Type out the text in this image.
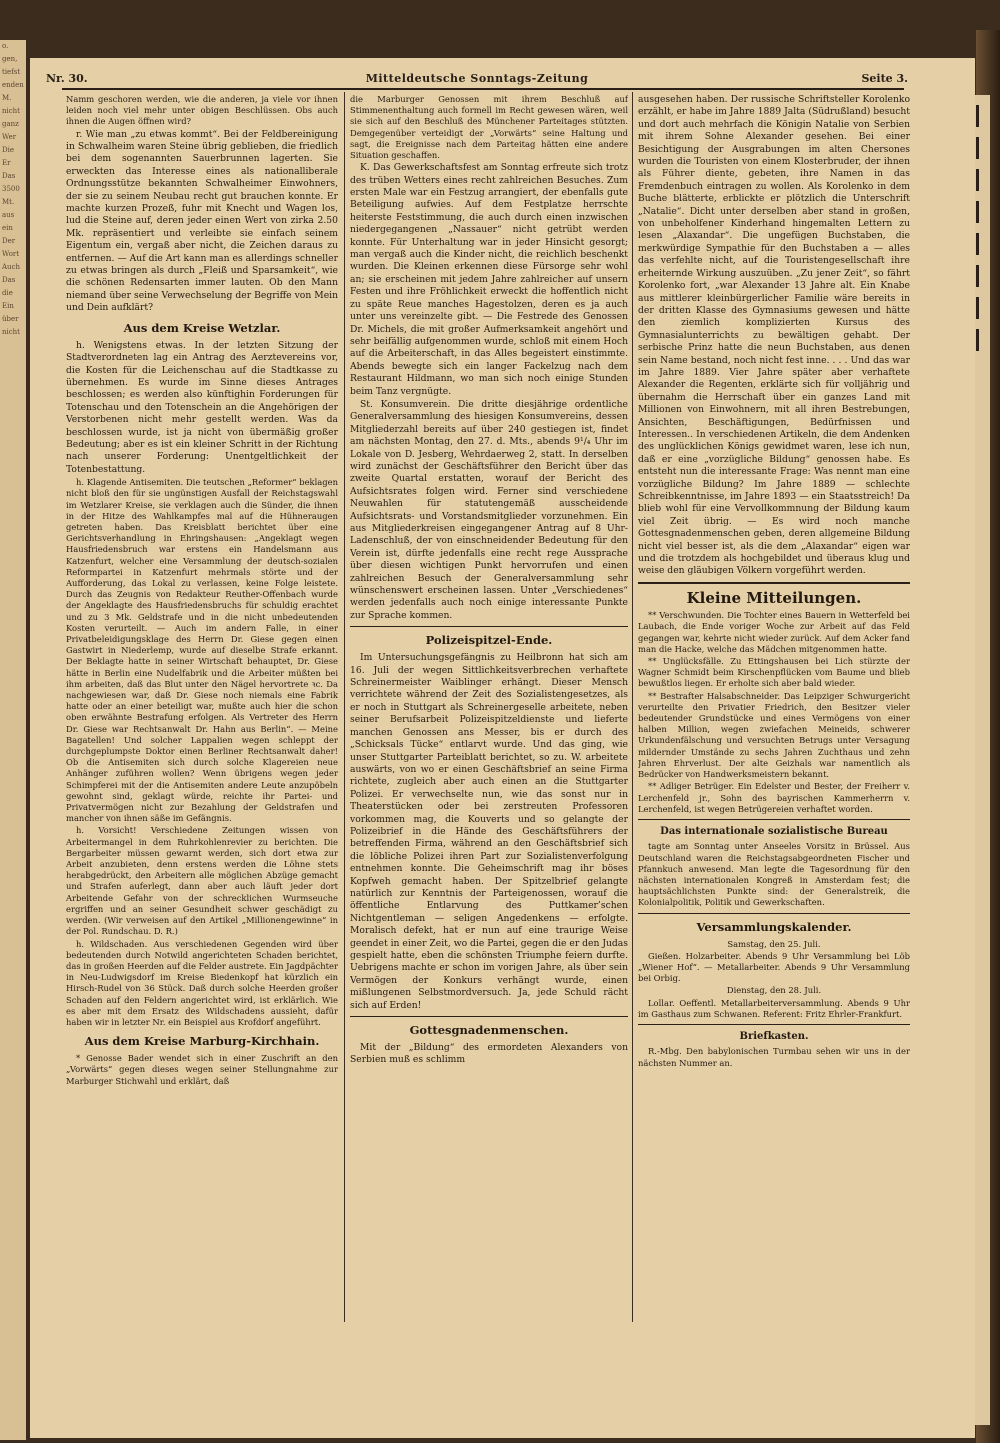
o.
gen,
tiefst
enden
M.
nicht
ganz
Wer
Die
Er
Das
3500
Mt.
aus
ein
Der
Wort
Auch
Das
die
Ein
über
nicht
Nr. 30.	Mitteldeutsche Sonntags-Zeitung	Seite 3.

Namm geschoren werden, wie die anderen, ja viele vor ihnen leiden noch viel mehr unter obigen Beschlüssen. Obs auch ihnen die Augen öffnen wird?

r. Wie man „zu etwas kommt“. Bei der Feldbereinigung in Schwalheim waren Steine übrig geblieben, die friedlich bei dem sogenannten Sauerbrunnen lagerten. Sie erweckten das Interesse eines als nationalliberale Ordnungsstütze bekannten Schwalheimer Einwohners, der sie zu seinem Neubau recht gut brauchen konnte. Er machte kurzen Prozeß, fuhr mit Knecht und Wagen los, lud die Steine auf, deren jeder einen Wert von zirka 2.50 Mk. repräsentiert und verleibte sie einfach seinem Eigentum ein, vergaß aber nicht, die Zeichen daraus zu entfernen. — Auf die Art kann man es allerdings schneller zu etwas bringen als durch „Fleiß und Sparsamkeit“, wie die schönen Redensarten immer lauten. Ob den Mann niemand über seine Verwechselung der Begriffe von Mein und Dein aufklärt?

Aus dem Kreise Wetzlar.

h. Wenigstens etwas. In der letzten Sitzung der Stadtverordneten lag ein Antrag des Aerztevereins vor, die Kosten für die Leichenschau auf die Stadtkasse zu übernehmen. Es wurde im Sinne dieses Antrages beschlossen; es werden also künftighin Forderungen für Totenschau und den Totenschein an die Angehörigen der Verstorbenen nicht mehr gestellt werden. Was da beschlossen wurde, ist ja nicht von übermäßig großer Bedeutung; aber es ist ein kleiner Schritt in der Richtung nach unserer Forderung: Unentgeltlichkeit der Totenbestattung.

h. Klagende Antisemiten. Die teutschen „Reformer“ beklagen nicht bloß den für sie ungünstigen Ausfall der Reichstagswahl im Wetzlarer Kreise, sie verklagen auch die Sünder, die ihnen in der Hitze des Wahlkampfes mal auf die Hühneraugen getreten haben. Das Kreisblatt berichtet über eine Gerichtsverhandlung in Ehringshausen: „Angeklagt wegen Hausfriedensbruch war erstens ein Handelsmann aus Katzenfurt, welcher eine Versammlung der deutsch-sozialen Reformpartei in Katzenfurt mehrmals störte und der Aufforderung, das Lokal zu verlassen, keine Folge leistete. Durch das Zeugnis von Redakteur Reuther-Offenbach wurde der Angeklagte des Hausfriedensbruchs für schuldig erachtet und zu 3 Mk. Geldstrafe und in die nicht unbedeutenden Kosten verurteilt. — Auch im andern Falle, in einer Privatbeleidigungsklage des Herrn Dr. Giese gegen einen Gastwirt in Niederlemp, wurde auf dieselbe Strafe erkannt. Der Beklagte hatte in seiner Wirtschaft behauptet, Dr. Giese hätte in Berlin eine Nudelfabrik und die Arbeiter müßten bei ihm arbeiten, daß das Blut unter den Nägel hervortrete ꝛc. Da nachgewiesen war, daß Dr. Giese noch niemals eine Fabrik hatte oder an einer beteiligt war, mußte auch hier die schon oben erwähnte Bestrafung erfolgen. Als Vertreter des Herrn Dr. Giese war Rechtsanwalt Dr. Hahn aus Berlin“. — Meine Bagatellen! Und solcher Lappalien wegen schleppt der durchgeplumpste Doktor einen Berliner Rechtsanwalt daher! Ob die Antisemiten sich durch solche Klagereien neue Anhänger zuführen wollen? Wenn übrigens wegen jeder Schimpferei mit der die Antisemiten andere Leute anzupöbeln gewohnt sind, geklagt würde, reichte ihr Partei- und Privatvermögen nicht zur Bezahlung der Geldstrafen und mancher von ihnen säße im Gefängnis.

h. Vorsicht! Verschiedene Zeitungen wissen von Arbeitermangel in dem Ruhrkohlenrevier zu berichten. Die Bergarbeiter müssen gewarnt werden, sich dort etwa zur Arbeit anzubieten, denn erstens werden die Löhne stets herabgedrückt, den Arbeitern alle möglichen Abzüge gemacht und Strafen auferlegt, dann aber auch läuft jeder dort Arbeitende Gefahr von der schrecklichen Wurmseuche ergriffen und an seiner Gesundheit schwer geschädigt zu werden. (Wir verweisen auf den Artikel „Millionengewinne“ in der Pol. Rundschau. D. R.)

h. Wildschaden. Aus verschiedenen Gegenden wird über bedeutenden durch Notwild angerichteten Schaden berichtet, das in großen Heerden auf die Felder austrete. Ein Jagdpächter in Neu-Ludwigsdorf im Kreise Biedenkopf hat kürzlich ein Hirsch-Rudel von 36 Stück. Daß durch solche Heerden großer Schaden auf den Feldern angerichtet wird, ist erklärlich. Wie es aber mit dem Ersatz des Wildschadens aussieht, dafür haben wir in letzter Nr. ein Beispiel aus Krofdorf angeführt.

Aus dem Kreise Marburg-Kirchhain.

* Genosse Bader wendet sich in einer Zuschrift an den „Vorwärts“ gegen dieses wegen seiner Stellungnahme zur Marburger Stichwahl und erklärt, daß

die Marburger Genossen mit ihrem Beschluß auf Stimmenenthaltung auch formell im Recht gewesen wären, weil sie sich auf den Beschluß des Münchener Parteitages stützten. Demgegenüber verteidigt der „Vorwärts“ seine Haltung und sagt, die Ereignisse nach dem Parteitag hätten eine andere Situation geschaffen.

K. Das Gewerkschaftsfest am Sonntag erfreute sich trotz des trüben Wetters eines recht zahlreichen Besuches. Zum ersten Male war ein Festzug arrangiert, der ebenfalls gute Beteiligung aufwies. Auf dem Festplatze herrschte heiterste Feststimmung, die auch durch einen inzwischen niedergegangenen „Nassauer“ nicht getrübt werden konnte. Für Unterhaltung war in jeder Hinsicht gesorgt; man vergaß auch die Kinder nicht, die reichlich beschenkt wurden. Die Kleinen erkennen diese Fürsorge sehr wohl an; sie erscheinen mit jedem Jahre zahlreicher auf unsern Festen und ihre Fröhlichkeit erweckt die hoffentlich nicht zu späte Reue manches Hagestolzen, deren es ja auch unter uns vereinzelte gibt. — Die Festrede des Genossen Dr. Michels, die mit großer Aufmerksamkeit angehört und sehr beifällig aufgenommen wurde, schloß mit einem Hoch auf die Arbeiterschaft, in das Alles begeistert einstimmte. Abends bewegte sich ein langer Fackelzug nach dem Restaurant Hildmann, wo man sich noch einige Stunden beim Tanz vergnügte.

St. Konsumverein. Die dritte diesjährige ordentliche Generalversammlung des hiesigen Konsumvereins, dessen Mitgliederzahl bereits auf über 240 gestiegen ist, findet am nächsten Montag, den 27. d. Mts., abends 9¹/₄ Uhr im Lokale von D. Jesberg, Wehrdaerweg 2, statt. In derselben wird zunächst der Geschäftsführer den Bericht über das zweite Quartal erstatten, worauf der Bericht des Aufsichtsrates folgen wird. Ferner sind verschiedene Neuwahlen für statutengemäß ausscheidende Aufsichtsrats- und Vorstandsmitglieder vorzunehmen. Ein aus Mitgliederkreisen eingegangener Antrag auf 8 Uhr-Ladenschluß, der von einschneidender Bedeutung für den Verein ist, dürfte jedenfalls eine recht rege Aussprache über diesen wichtigen Punkt hervorrufen und einen zahlreichen Besuch der Generalversammlung sehr wünschenswert erscheinen lassen. Unter „Verschiedenes“ werden jedenfalls auch noch einige interessante Punkte zur Sprache kommen.

Polizeispitzel-Ende.

Im Untersuchungsgefängnis zu Heilbronn hat sich am 16. Juli der wegen Sittlichkeitsverbrechen verhaftete Schreinermeister Waiblinger erhängt. Dieser Mensch verrichtete während der Zeit des Sozialistengesetzes, als er noch in Stuttgart als Schreinergeselle arbeitete, neben seiner Berufsarbeit Polizeispitzeldienste und lieferte manchen Genossen ans Messer, bis er durch des „Schicksals Tücke“ entlarvt wurde. Und das ging, wie unser Stuttgarter Parteiblatt berichtet, so zu. W. arbeitete auswärts, von wo er einen Geschäftsbrief an seine Firma richtete, zugleich aber auch einen an die Stuttgarter Polizei. Er verwechselte nun, wie das sonst nur in Theaterstücken oder bei zerstreuten Professoren vorkommen mag, die Kouverts und so gelangte der Polizeibrief in die Hände des Geschäftsführers der betreffenden Firma, während an den Geschäftsbrief sich die löbliche Polizei ihren Part zur Sozialistenverfolgung entnehmen konnte. Die Geheimschrift mag ihr böses Kopfweh gemacht haben. Der Spitzelbrief gelangte natürlich zur Kenntnis der Parteigenossen, worauf die öffentliche Entlarvung des Puttkamer’schen Nichtgentleman — seligen Angedenkens — erfolgte. Moralisch defekt, hat er nun auf eine traurige Weise geendet in einer Zeit, wo die Partei, gegen die er den Judas gespielt hatte, eben die schönsten Triumphe feiern durfte. Uebrigens machte er schon im vorigen Jahre, als über sein Vermögen der Konkurs verhängt wurde, einen mißlungenen Selbstmordversuch. Ja, jede Schuld rächt sich auf Erden!

Gottesgnadenmenschen.

Mit der „Bildung“ des ermordeten Alexanders von Serbien muß es schlimm

ausgesehen haben. Der russische Schriftsteller Korolenko erzählt, er habe im Jahre 1889 Jalta (Südrußland) besucht und dort auch mehrfach die Königin Natalie von Serbien mit ihrem Sohne Alexander gesehen. Bei einer Besichtigung der Ausgrabungen im alten Chersones wurden die Touristen von einem Klosterbruder, der ihnen als Führer diente, gebeten, ihre Namen in das Fremdenbuch eintragen zu wollen. Als Korolenko in dem Buche blätterte, erblickte er plötzlich die Unterschrift „Natalie“. Dicht unter derselben aber stand in großen, von unbeholfener Kinderhand hingemalten Lettern zu lesen „Alaxandar“. Die ungefügen Buchstaben, die merkwürdige Sympathie für den Buchstaben a — alles das verfehlte nicht, auf die Touristengesellschaft ihre erheiternde Wirkung auszuüben. „Zu jener Zeit“, so fährt Korolenko fort, „war Alexander 13 Jahre alt. Ein Knabe aus mittlerer kleinbürgerlicher Familie wäre bereits in der dritten Klasse des Gymnasiums gewesen und hätte den ziemlich komplizierten Kursus des Gymnasialunterrichts zu bewältigen gehabt. Der serbische Prinz hatte die neun Buchstaben, aus denen sein Name bestand, noch nicht fest inne. . . . Und das war im Jahre 1889. Vier Jahre später aber verhaftete Alexander die Regenten, erklärte sich für volljährig und übernahm die Herrschaft über ein ganzes Land mit Millionen von Einwohnern, mit all ihren Bestrebungen, Ansichten, Beschäftigungen, Bedürfnissen und Interessen.. In verschiedenen Artikeln, die dem Andenken des unglücklichen Königs gewidmet waren, lese ich nun, daß er eine „vorzügliche Bildung“ genossen habe. Es entsteht nun die interessante Frage: Was nennt man eine vorzügliche Bildung? Im Jahre 1889 — schlechte Schreibkenntnisse, im Jahre 1893 — ein Staatsstreich! Da blieb wohl für eine Vervollkommnung der Bildung kaum viel Zeit übrig. — Es wird noch manche Gottesgnadenmenschen geben, deren allgemeine Bildung nicht viel besser ist, als die dem „Alaxandar“ eigen war und die trotzdem als hochgebildet und überaus klug und weise den gläubigen Völkern vorgeführt werden.

Kleine Mitteilungen.

** Verschwunden. Die Tochter eines Bauern in Wetterfeld bei Laubach, die Ende voriger Woche zur Arbeit auf das Feld gegangen war, kehrte nicht wieder zurück. Auf dem Acker fand man die Hacke, welche das Mädchen mitgenommen hatte.

** Unglücksfälle. Zu Ettingshausen bei Lich stürzte der Wagner Schmidt beim Kirschenpflücken vom Baume und blieb bewußtlos liegen. Er erholte sich aber bald wieder.

** Bestrafter Halsabschneider. Das Leipziger Schwurgericht verurteilte den Privatier Friedrich, den Besitzer vieler bedeutender Grundstücke und eines Vermögens von einer halben Million, wegen zwiefachen Meineids, schwerer Urkundenfälschung und versuchten Betrugs unter Versagung mildernder Umstände zu sechs Jahren Zuchthaus und zehn Jahren Ehrverlust. Der alte Geizhals war namentlich als Bedrücker von Handwerksmeistern bekannt.

** Adliger Betrüger. Ein Edelster und Bester, der Freiherr v. Lerchenfeld jr., Sohn des bayrischen Kammerherrn v. Lerchenfeld, ist wegen Betrügereien verhaftet worden.

Das internationale sozialistische Bureau

tagte am Sonntag unter Anseeles Vorsitz in Brüssel. Aus Deutschland waren die Reichstagsabgeordneten Fischer und Pfannkuch anwesend. Man legte die Tagesordnung für den nächsten internationalen Kongreß in Amsterdam fest; die hauptsächlichsten Punkte sind: der Generalstreik, die Kolonialpolitik, Politik und Gewerkschaften.

Versammlungskalender.

Samstag, den 25. Juli.

Gießen. Holzarbeiter. Abends 9 Uhr Versammlung bei Löb „Wiener Hof“. — Metallarbeiter. Abends 9 Uhr Versammlung bei Orbig.

Dienstag, den 28. Juli.

Lollar. Oeffentl. Metallarbeiterversammlung. Abends 9 Uhr im Gasthaus zum Schwanen. Referent: Fritz Ehrler-Frankfurt.

Briefkasten.

R.-Mbg. Den babylonischen Turmbau sehen wir uns in der nächsten Nummer an.
